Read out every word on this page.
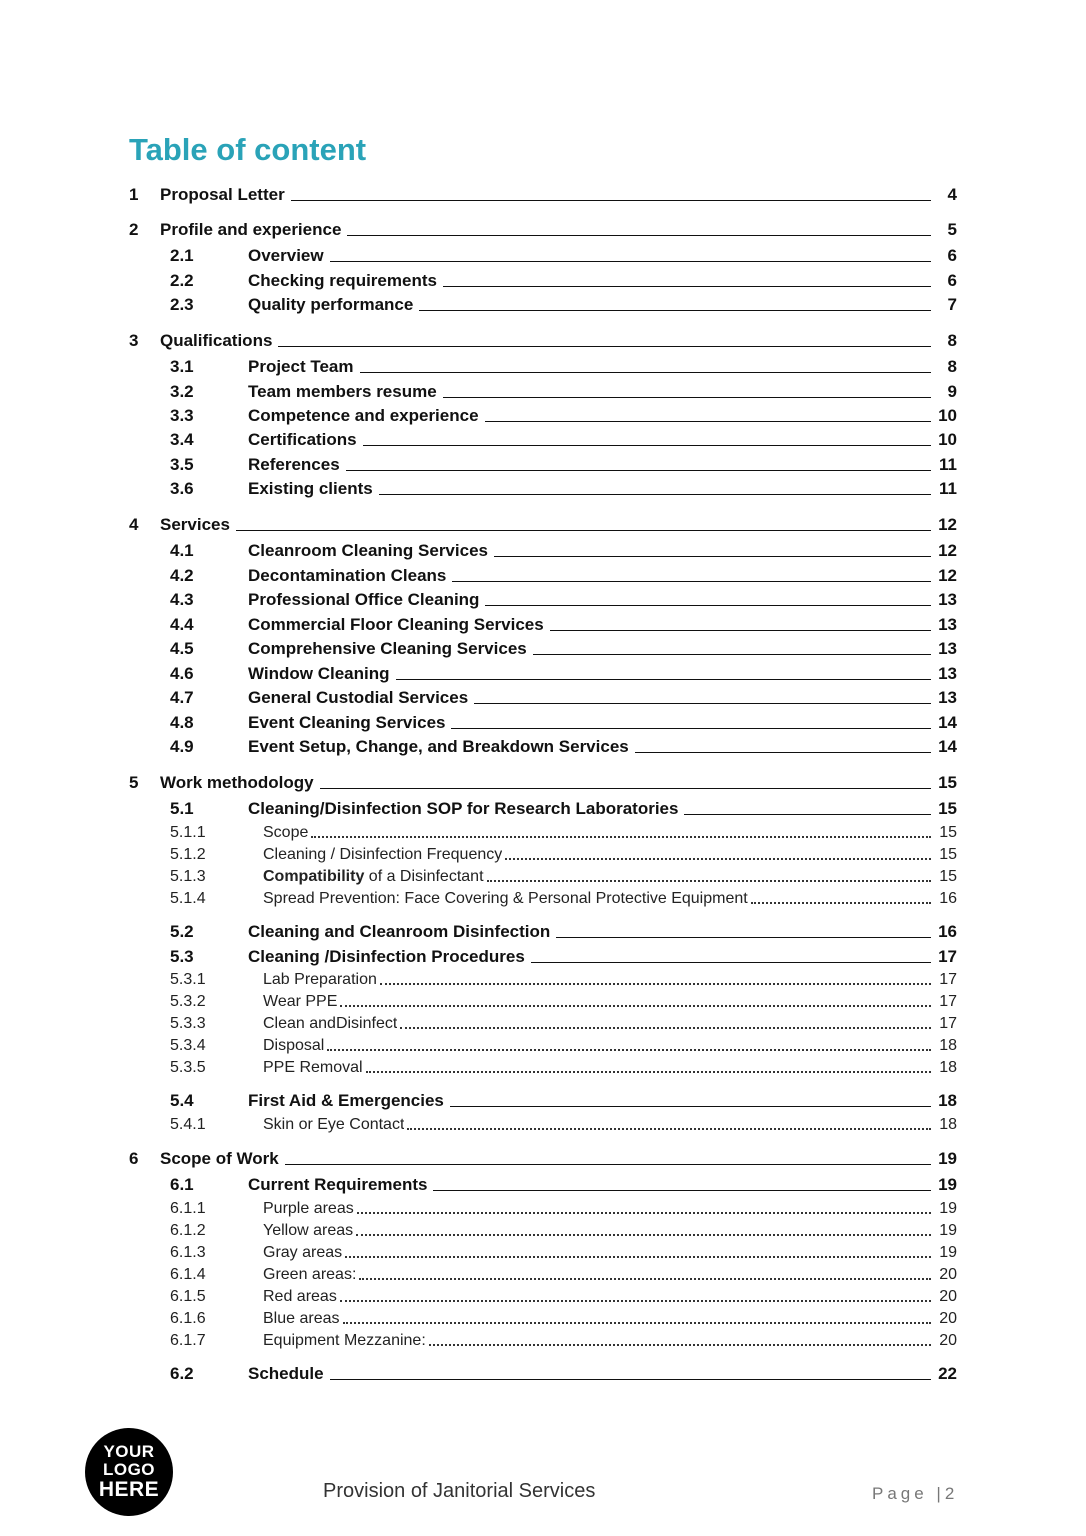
Table of content
1	Proposal Letter	4
2	Profile and experience	5
2.1	Overview	6
2.2	Checking requirements	6
2.3	Quality performance	7
3	Qualifications	8
3.1	Project Team	8
3.2	Team members resume	9
3.3	Competence and experience	10
3.4	Certifications	10
3.5	References	11
3.6	Existing clients	11
4	Services	12
4.1	Cleanroom Cleaning Services	12
4.2	Decontamination Cleans	12
4.3	Professional Office Cleaning	13
4.4	Commercial Floor Cleaning Services	13
4.5	Comprehensive Cleaning Services	13
4.6	Window Cleaning	13
4.7	General Custodial Services	13
4.8	Event Cleaning Services	14
4.9	Event Setup, Change, and Breakdown Services	14
5	Work methodology	15
5.1	Cleaning/Disinfection SOP for Research Laboratories	15
5.1.1	Scope	15
5.1.2	Cleaning / Disinfection Frequency	15
5.1.3	Compatibility of a Disinfectant	15
5.1.4	Spread Prevention: Face Covering & Personal Protective Equipment	16
5.2	Cleaning and Cleanroom Disinfection	16
5.3	Cleaning /Disinfection Procedures	17
5.3.1	Lab Preparation	17
5.3.2	Wear PPE	17
5.3.3	Clean andDisinfect	17
5.3.4	Disposal	18
5.3.5	PPE Removal	18
5.4	First Aid & Emergencies	18
5.4.1	Skin or Eye Contact	18
6	Scope of Work	19
6.1	Current Requirements	19
6.1.1	Purple areas	19
6.1.2	Yellow areas	19
6.1.3	Gray areas	19
6.1.4	Green areas:	20
6.1.5	Red areas	20
6.1.6	Blue areas	20
6.1.7	Equipment Mezzanine:	20
6.2	Schedule	22
YOUR
LOGO
HERE	Provision of Janitorial Services	Page |2
